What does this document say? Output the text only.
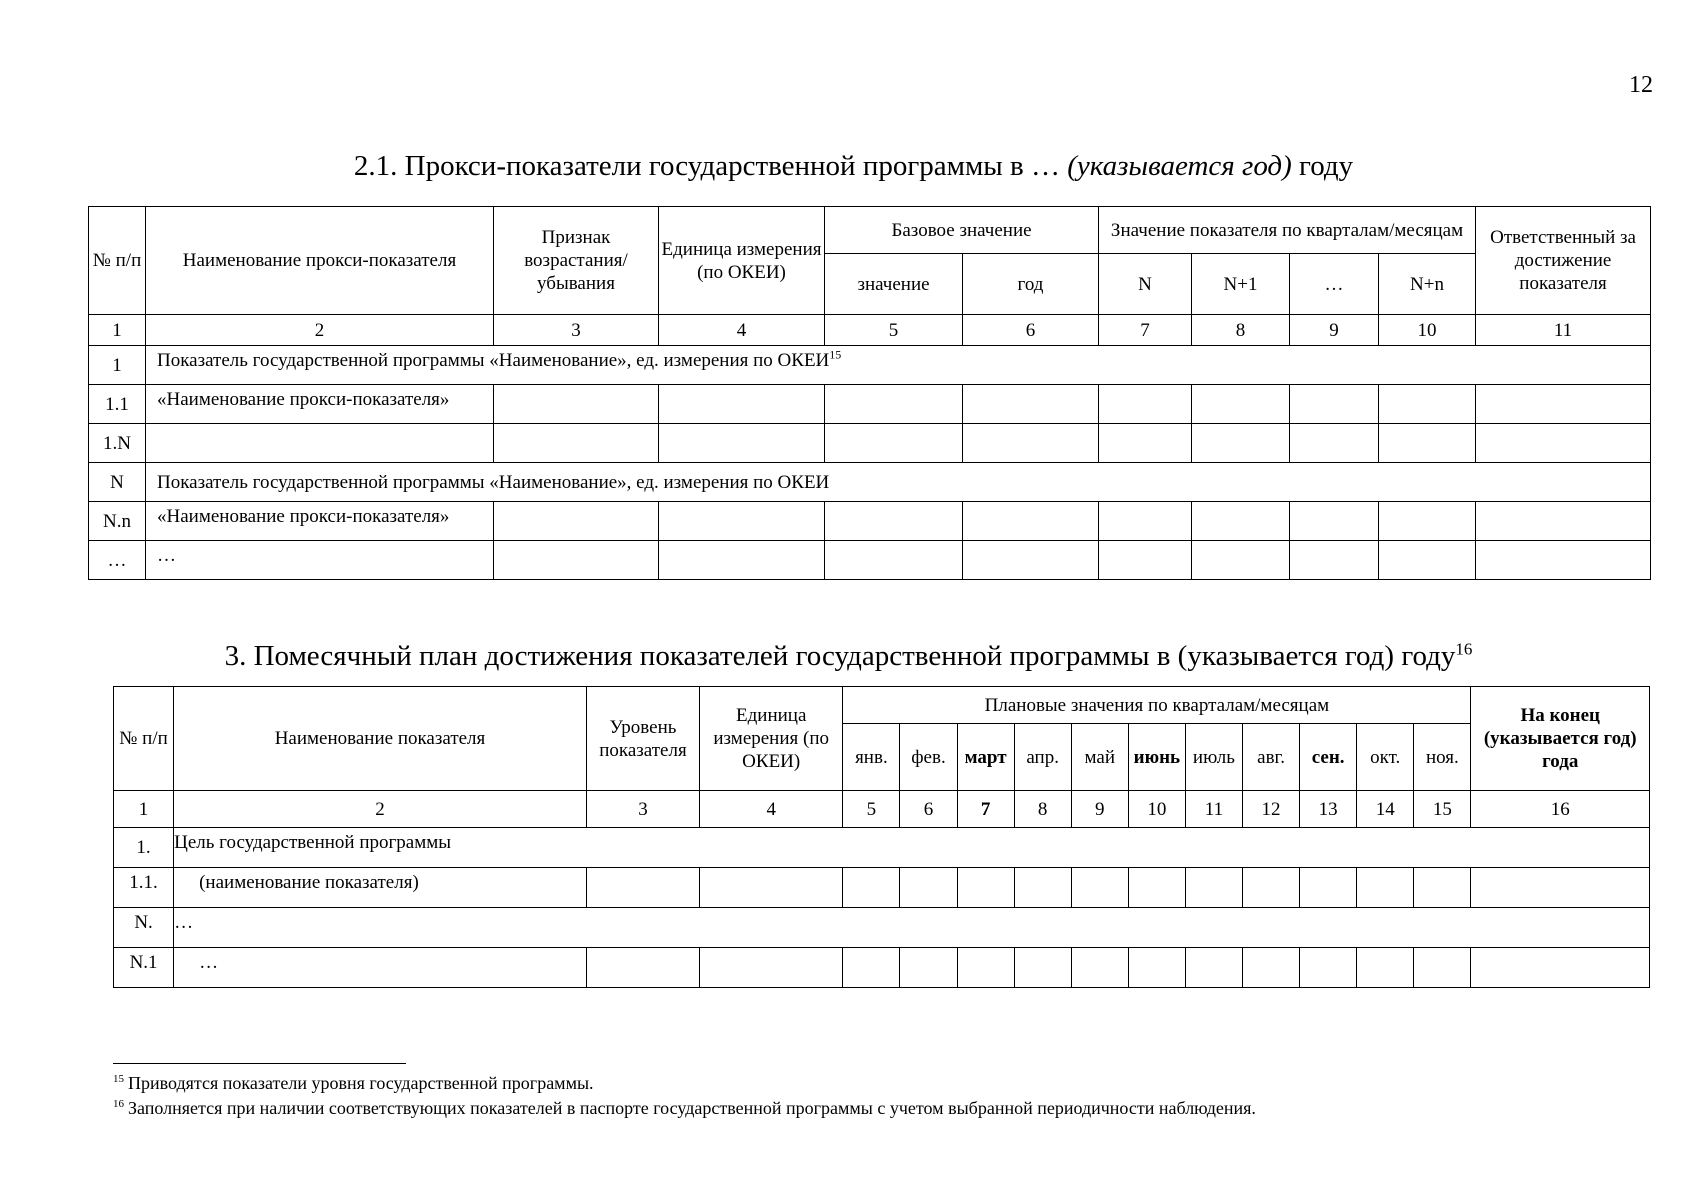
12
2.1. Прокси-показатели государственной программы в … (указывается год) году
№ п/п	Наименование прокси-показателя	Признак возрастания/ убывания	Единица измерения (по ОКЕИ)	Базовое значение		Значение показателя по кварталам/месяцам				Ответственный за достижение показателя
				значение	год	N	N+1	…	N+n	
1	2	3	4	5	6	7	8	9	10	11
1	Показатель государственной программы «Наименование», ед. измерения по ОКЕИ$^{15}$
1.1	«Наименование прокси-показателя»									
1.N										
N	Показатель государственной программы «Наименование», ед. измерения по ОКЕИ									
N.n	«Наименование прокси-показателя»									
…	…									
3. Помесячный план достижения показателей государственной программы в (указывается год) году$^{16}$
№ п/п	Наименование показателя	Уровень показателя	Единица измерения (по ОКЕИ)	Плановые значения по кварталам/месяцам											На конец (указывается год) года
				янв.	фев.	март	апр.	май	июнь	июль	авг.	сен.	окт.	ноя.	
1	2	3	4	5	6	7	8	9	10	11	12	13	14	15	16
1.	Цель государственной программы														
1.1.	(наименование показателя)														
N.	…														
N.1	…														
$^{15}$ Приводятся показатели уровня государственной программы.
$^{16}$ Заполняется при наличии соответствующих показателей в паспорте государственной программы с учетом выбранной периодичности наблюдения.
